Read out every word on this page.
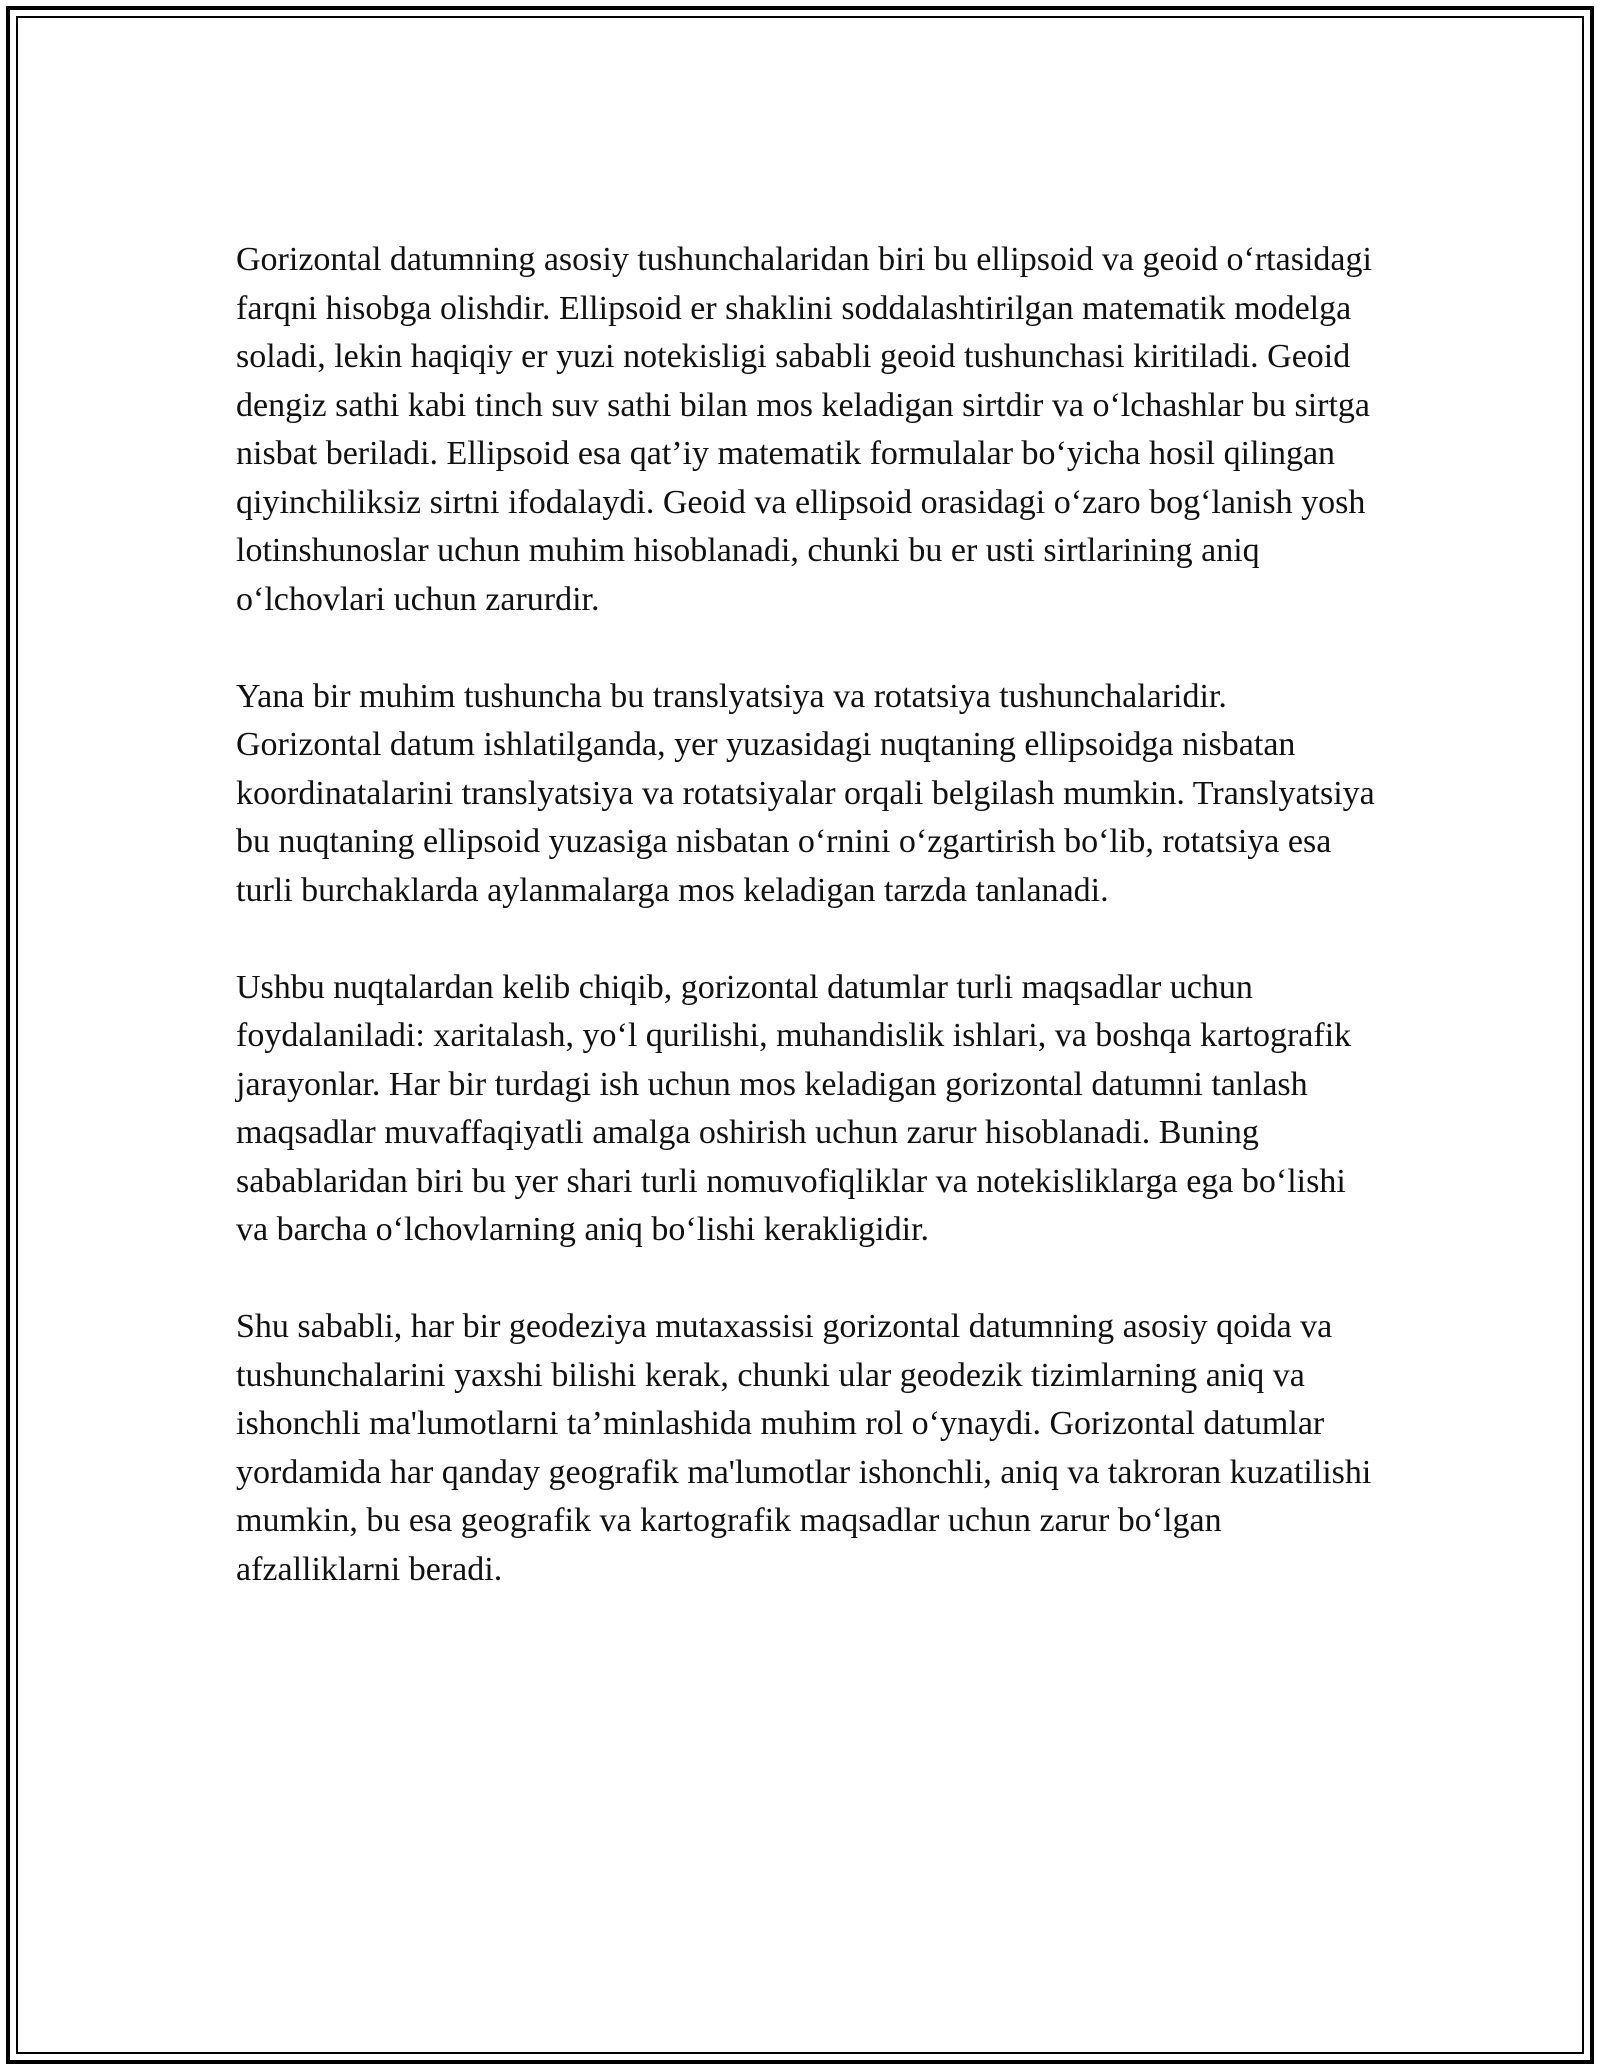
Gorizontal datumning asosiy tushunchalaridan biri bu ellipsoid va geoid o‘rtasidagi farqni hisobga olishdir. Ellipsoid er shaklini soddalashtirilgan matematik modelga soladi, lekin haqiqiy er yuzi notekisligi sababli geoid tushunchasi kiritiladi. Geoid dengiz sathi kabi tinch suv sathi bilan mos keladigan sirtdir va o‘lchashlar bu sirtga nisbat beriladi. Ellipsoid esa qat’iy matematik formulalar bo‘yicha hosil qilingan qiyinchiliksiz sirtni ifodalaydi. Geoid va ellipsoid orasidagi o‘zaro bog‘lanish yosh lotinshunoslar uchun muhim hisoblanadi, chunki bu er usti sirtlarining aniq o‘lchovlari uchun zarurdir.

Yana bir muhim tushuncha bu translyatsiya va rotatsiya tushunchalaridir. Gorizontal datum ishlatilganda, yer yuzasidagi nuqtaning ellipsoidga nisbatan koordinatalarini translyatsiya va rotatsiyalar orqali belgilash mumkin. Translyatsiya bu nuqtaning ellipsoid yuzasiga nisbatan o‘rnini o‘zgartirish bo‘lib, rotatsiya esa turli burchaklarda aylanmalarga mos keladigan tarzda tanlanadi.

Ushbu nuqtalardan kelib chiqib, gorizontal datumlar turli maqsadlar uchun foydalaniladi: xaritalash, yo‘l qurilishi, muhandislik ishlari, va boshqa kartografik jarayonlar. Har bir turdagi ish uchun mos keladigan gorizontal datumni tanlash maqsadlar muvaffaqiyatli amalga oshirish uchun zarur hisoblanadi. Buning sabablaridan biri bu yer shari turli nomuvofiqliklar va notekisliklarga ega bo‘lishi va barcha o‘lchovlarning aniq bo‘lishi kerakligidir.

Shu sababli, har bir geodeziya mutaxassisi gorizontal datumning asosiy qoida va tushunchalarini yaxshi bilishi kerak, chunki ular geodezik tizimlarning aniq va ishonchli ma'lumotlarni ta’minlashida muhim rol o‘ynaydi. Gorizontal datumlar yordamida har qanday geografik ma'lumotlar ishonchli, aniq va takroran kuzatilishi mumkin, bu esa geografik va kartografik maqsadlar uchun zarur bo‘lgan afzalliklarni beradi.
